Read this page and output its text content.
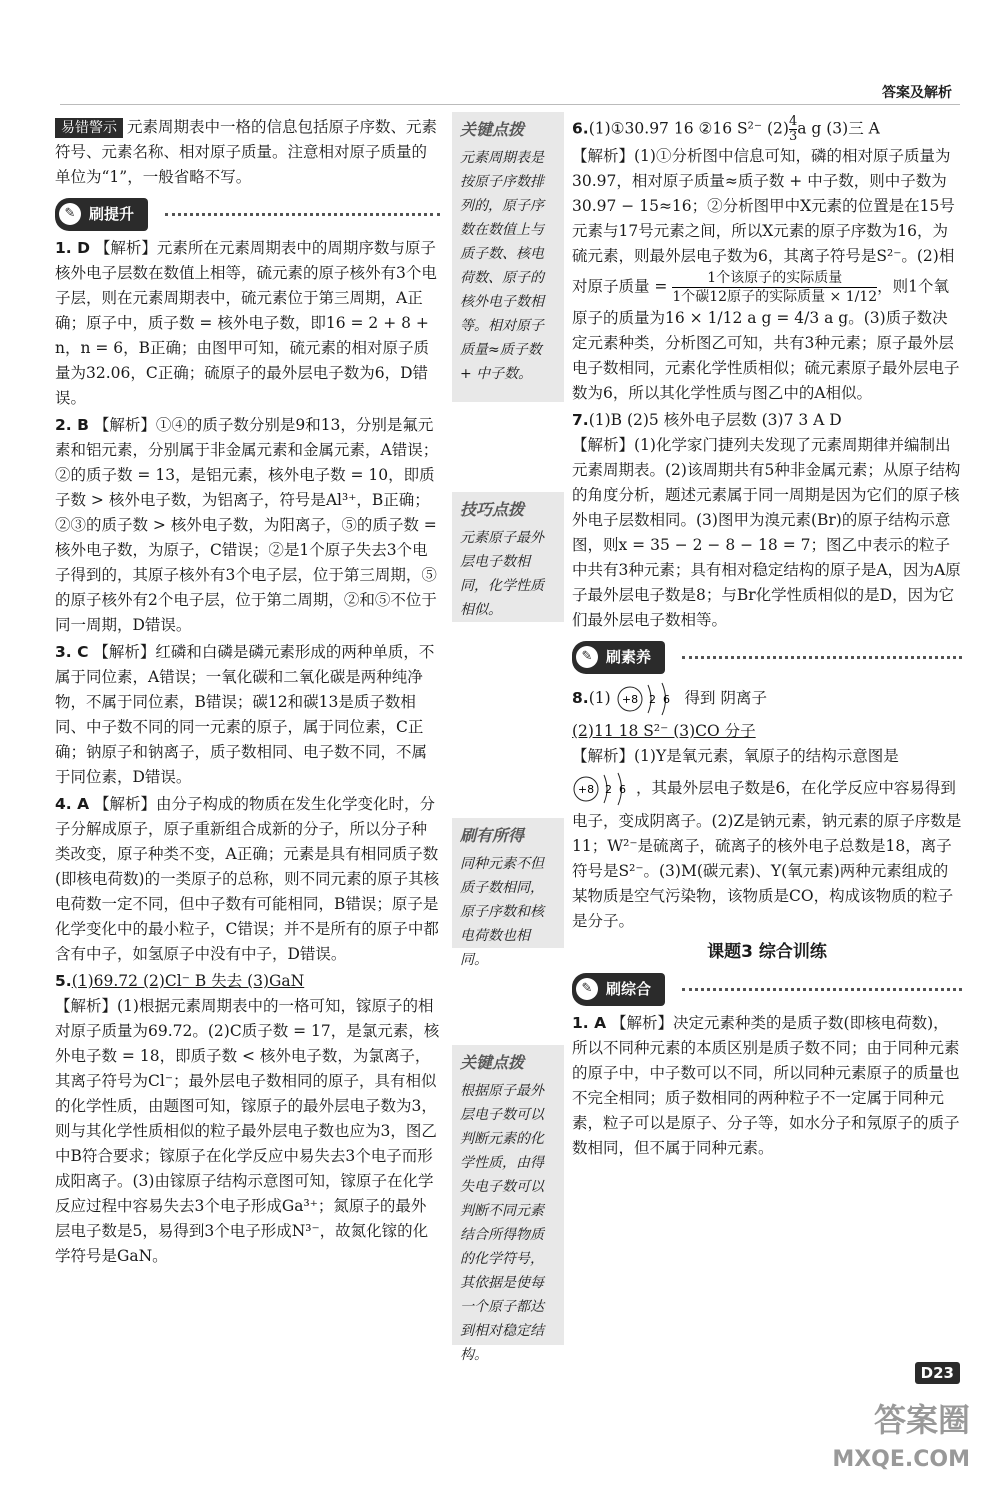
答案及解析

易错警示 元素周期表中一格的信息包括原子序数、元素符号、元素名称、相对原子质量。注意相对原子质量的单位为“1”，一般省略不写。

✎ 刷提升

1. D 【解析】元素所在元素周期表中的周期序数与原子核外电子层数在数值上相等，硫元素的原子核外有3个电子层，则在元素周期表中，硫元素位于第三周期，A正确；原子中，质子数 = 核外电子数，即16 = 2 + 8 + n，n = 6，B正确；由图甲可知，硫元素的相对原子质量为32.06，C正确；硫原子的最外层电子数为6，D错误。

2. B 【解析】①④的质子数分别是9和13，分别是氟元素和铝元素，分别属于非金属元素和金属元素，A错误；②的质子数 = 13，是铝元素，核外电子数 = 10，即质子数 > 核外电子数，为铝离子，符号是Al³⁺，B正确；②③的质子数 > 核外电子数，为阳离子，⑤的质子数 = 核外电子数，为原子，C错误；②是1个原子失去3个电子得到的，其原子核外有3个电子层，位于第三周期，⑤的原子核外有2个电子层，位于第二周期，②和⑤不位于同一周期，D错误。

3. C 【解析】红磷和白磷是磷元素形成的两种单质，不属于同位素，A错误；一氧化碳和二氧化碳是两种纯净物，不属于同位素，B错误；碳12和碳13是质子数相同、中子数不同的同一元素的原子，属于同位素，C正确；钠原子和钠离子，质子数相同、电子数不同，不属于同位素，D错误。

4. A 【解析】由分子构成的物质在发生化学变化时，分子分解成原子，原子重新组合成新的分子，所以分子种类改变，原子种类不变，A正确；元素是具有相同质子数(即核电荷数)的一类原子的总称，则不同元素的原子其核电荷数一定不同，但中子数有可能相同，B错误；原子是化学变化中的最小粒子，C错误；并不是所有的原子中都含有中子，如氢原子中没有中子，D错误。

5.(1)69.72 (2)Cl⁻ B 失去 (3)GaN
【解析】(1)根据元素周期表中的一格可知，镓原子的相对原子质量为69.72。(2)C质子数 = 17，是氯元素，核外电子数 = 18，即质子数 < 核外电子数，为氯离子，其离子符号为Cl⁻；最外层电子数相同的原子，具有相似的化学性质，由题图可知，镓原子的最外层电子数为3，则与其化学性质相似的粒子最外层电子数也应为3，图乙中B符合要求；镓原子在化学反应中易失去3个电子而形成阳离子。(3)由镓原子结构示意图可知，镓原子在化学反应过程中容易失去3个电子形成Ga³⁺；氮原子的最外层电子数是5，易得到3个电子形成N³⁻，故氮化镓的化学符号是GaN。

关键点拨
元素周期表是按原子序数排列的，原子序数在数值上与质子数、核电荷数、原子的核外电子数相等。相对原子质量≈质子数 + 中子数。
技巧点拨
元素原子最外层电子数相同，化学性质相似。
刷有所得
同种元素不但质子数相同，原子序数和核电荷数也相同。
关键点拨
根据原子最外层电子数可以判断元素的化学性质，由得失电子数可以判断不同元素结合所得物质的化学符号，其依据是使每一个原子都达到相对稳定结构。

6.(1)①30.97 16 ②16 S²⁻ $(2) \frac{4}{3}$ a g (3)三 A
【解析】(1)①分析图中信息可知，磷的相对原子质量为30.97，相对原子质量≈质子数 + 中子数，则中子数为30.97 − 15≈16；②分析图甲中X元素的位置是在15号元素与17号元素之间，所以X元素的原子序数为16，为硫元素，则最外层电子数为6，其离子符号是S²⁻。(2)相对原子质量 = $\frac{\text{1个该原子的实际质量}}{\text{1个碳12原子的实际质量 × 1/12}}$ ，则1个氧原子的质量为16 × 1/12 a g = 4/3 a g。(3)质子数决定元素种类，分析图乙可知，共有3种元素；原子最外层电子数相同，元素化学性质相似；硫元素原子最外层电子数为6，所以其化学性质与图乙中的A相似。

7.(1)B (2)5 核外电子层数 (3)7 3 A D
【解析】(1)化学家门捷列夫发现了元素周期律并编制出元素周期表。(2)该周期共有5种非金属元素；从原子结构的角度分析，题述元素属于同一周期是因为它们的原子核外电子层数相同。(3)图甲为溴元素(Br)的原子结构示意图，则x = 35 − 2 − 8 − 18 = 7；图乙中表示的粒子中共有3种元素；具有相对稳定结构的原子是A，因为A原子最外层电子数是8；与Br化学性质相似的是D，因为它们最外层电子数相等。

✎ 刷素养

8.(1) +8 2 6 得到 阴离子
(2)11 18 S²⁻ (3)CO 分子
【解析】(1)Y是氧元素，氧原子的结构示意图是
+8 2 6 ，其最外层电子数是6，在化学反应中容易得到电子，变成阴离子。(2)Z是钠元素，钠元素的原子序数是11；W²⁻是硫离子，硫离子的核外电子总数是18，离子符号是S²⁻。(3)M(碳元素)、Y(氧元素)两种元素组成的某物质是空气污染物，该物质是CO，构成该物质的粒子是分子。

课题3 综合训练
✎ 刷综合

1. A 【解析】决定元素种类的是质子数(即核电荷数)，所以不同种元素的本质区别是质子数不同；由于同种元素的原子中，中子数可以不同，所以同种元素原子的质量也不完全相同；质子数相同的两种粒子不一定属于同种元素，粒子可以是原子、分子等，如水分子和氖原子的质子数相同，但不属于同种元素。

D23
答案圈
MXQE.COM
